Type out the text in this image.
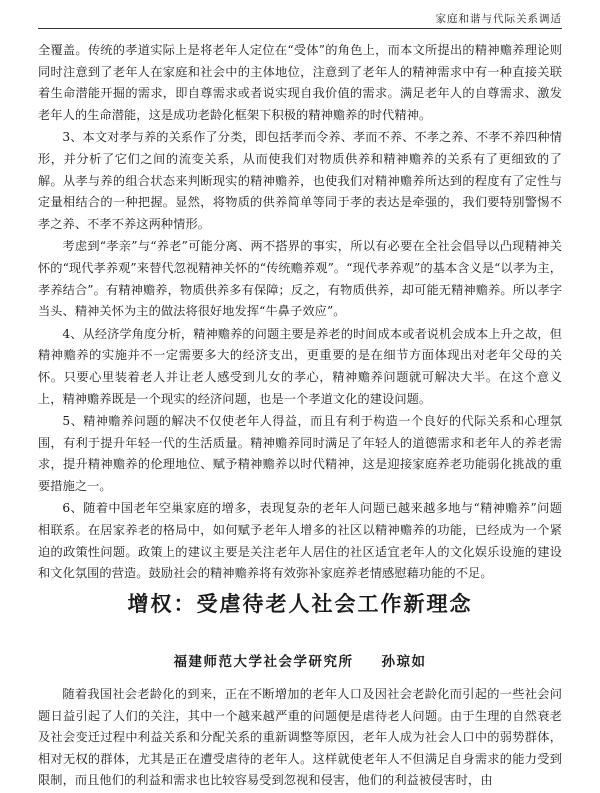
家庭和谐与代际关系调适

全覆盖。传统的孝道实际上是将老年人定位在“受体”的角色上，而本文所提出的精神赡养理论则同时注意到了老年人在家庭和社会中的主体地位，注意到了老年人的精神需求中有一种直接关联着生命潜能开掘的需求，即自尊需求或者说实现自我价值的需求。满足老年人的自尊需求、激发老年人的生命潜能，这是成功老龄化框架下积极的精神赡养的时代精神。

3、本文对孝与养的关系作了分类，即包括孝而令养、孝而不养、不孝之养、不孝不养四种情形，并分析了它们之间的流变关系，从而使我们对物质供养和精神赡养的关系有了更细致的了解。从孝与养的组合状态来判断现实的精神赡养，也使我们对精神赡养所达到的程度有了定性与定量相结合的一种把握。显然，将物质的供养简单等同于孝的表达是牵强的，我们要特别警惕不孝之养、不孝不养这两种情形。

考虑到“孝亲”与“养老”可能分离、两不搭界的事实，所以有必要在全社会倡导以凸现精神关怀的“现代孝养观”来替代忽视精神关怀的“传统赡养观”。“现代孝养观”的基本含义是“以孝为主，孝养结合”。有精神赡养，物质供养多有保障；反之，有物质供养，却可能无精神赡养。所以孝字当头、精神关怀为主的做法将很好地发挥“牛鼻子效应”。

4、从经济学角度分析，精神赡养的问题主要是养老的时间成本或者说机会成本上升之故，但精神赡养的实施并不一定需要多大的经济支出，更重要的是在细节方面体现出对老年父母的关怀。只要心里装着老人并让老人感受到儿女的孝心，精神赡养问题就可解决大半。在这个意义上，精神赡养既是一个现实的经济问题，也是一个孝道文化的建设问题。

5、精神赡养问题的解决不仅使老年人得益，而且有利于构造一个良好的代际关系和心理氛围，有利于提升年轻一代的生活质量。精神赡养同时满足了年轻人的道德需求和老年人的养老需求，提升精神赡养的伦理地位、赋予精神赡养以时代精神，这是迎接家庭养老功能弱化挑战的重要措施之一。

6、随着中国老年空巢家庭的增多，表现复杂的老年人问题已越来越多地与“精神赡养”问题相联系。在居家养老的格局中，如何赋予老年人增多的社区以精神赡养的功能，已经成为一个紧迫的政策性问题。政策上的建议主要是关注老年人居住的社区适宜老年人的文化娱乐设施的建设和文化氛围的营造。鼓励社会的精神赡养将有效弥补家庭养老情感慰藉功能的不足。

增权：受虐待老人社会工作新理念
福建师范大学社会学研究所 孙琼如

随着我国社会老龄化的到来，正在不断增加的老年人口及因社会老龄化而引起的一些社会问题日益引起了人们的关注，其中一个越来越严重的问题便是虐待老人问题。由于生理的自然衰老及社会变迁过程中利益关系和分配关系的重新调整等原因，老年人成为社会人口中的弱势群体，相对无权的群体，尤其是正在遭受虐待的老年人。这样就使老年人不但满足自身需求的能力受到限制，而且他们的利益和需求也比较容易受到忽视和侵害，他们的利益被侵害时，由
